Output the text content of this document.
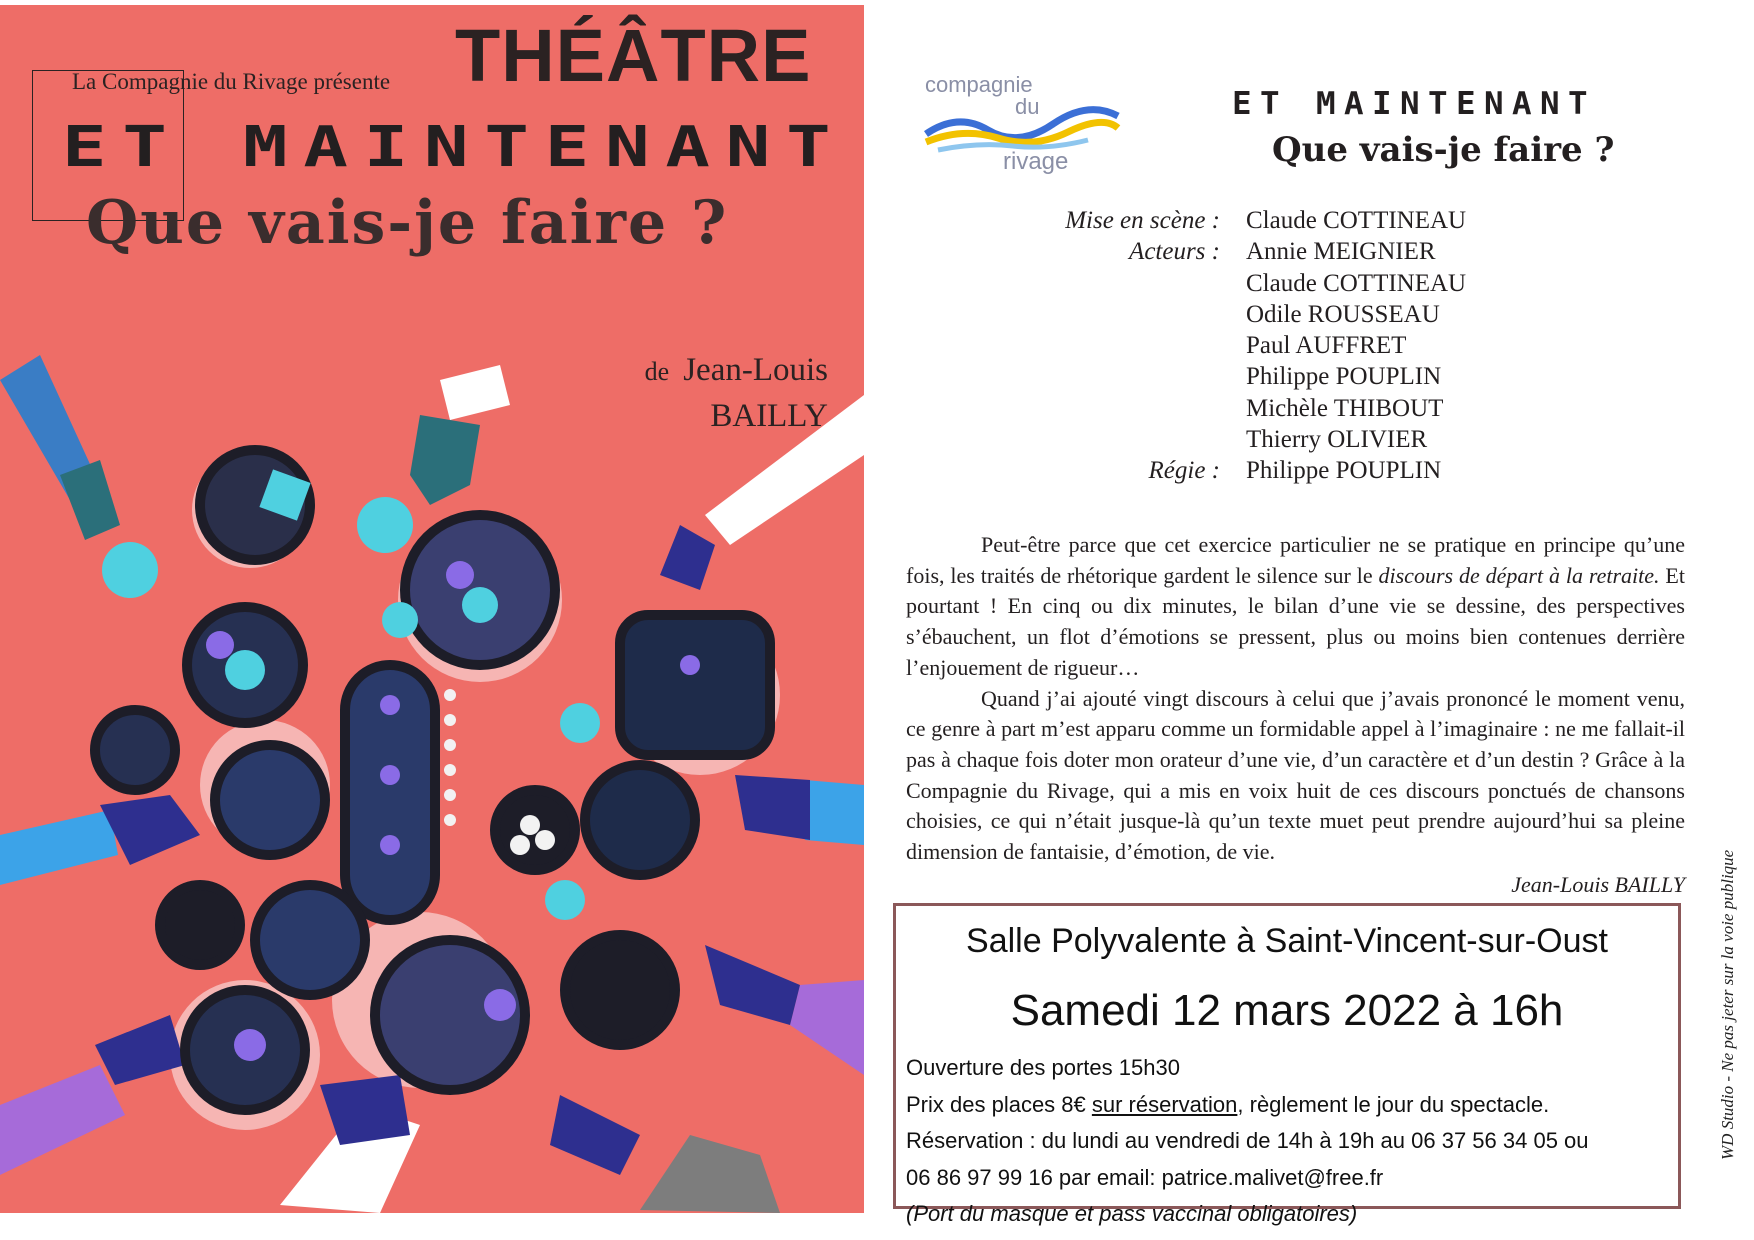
THÉÂTRE
La Compagnie du Rivage présente
ET MAINTENANT
Que vais-je faire ?
de Jean-Louis
BAILLY
compagnie
du
rivage
ET MAINTENANT
Que vais-je faire ?
Mise en scène :	Claude COTTINEAU
Acteurs :	Annie MEIGNIER
Claude COTTINEAU
Odile ROUSSEAU
Paul AUFFRET
Philippe POUPLIN
Michèle THIBOUT
Thierry OLIVIER
Régie :	Philippe POUPLIN

Peut-être parce que cet exercice particulier ne se pratique en principe qu’une fois, les traités de rhétorique gardent le silence sur le discours de départ à la retraite. Et pourtant ! En cinq ou dix minutes, le bilan d’une vie se dessine, des perspectives s’ébauchent, un flot d’émotions se pressent, plus ou moins bien contenues derrière l’enjouement de rigueur…

Quand j’ai ajouté vingt discours à celui que j’avais prononcé le moment venu, ce genre à part m’est apparu comme un formidable appel à l’imaginaire : ne me fallait-il pas à chaque fois doter mon orateur d’une vie, d’un caractère et d’un destin ? Grâce à la Compagnie du Rivage, qui a mis en voix huit de ces discours ponctués de chansons choisies, ce qui n’était jusque-là qu’un texte muet peut prendre aujourd’hui sa pleine dimension de fantaisie, d’émotion, de vie.

Jean-Louis BAILLY

Salle Polyvalente à Saint-Vincent-sur-Oust
Samedi 12 mars 2022 à 16h
Ouverture des portes 15h30
Prix des places 8€ sur réservation, règlement le jour du spectacle.
Réservation : du lundi au vendredi de 14h à 19h au 06 37 56 34 05 ou
06 86 97 99 16 par email: patrice.malivet@free.fr
(Port du masque et pass vaccinal obligatoires)
WD Studio - Ne pas jeter sur la voie publique
